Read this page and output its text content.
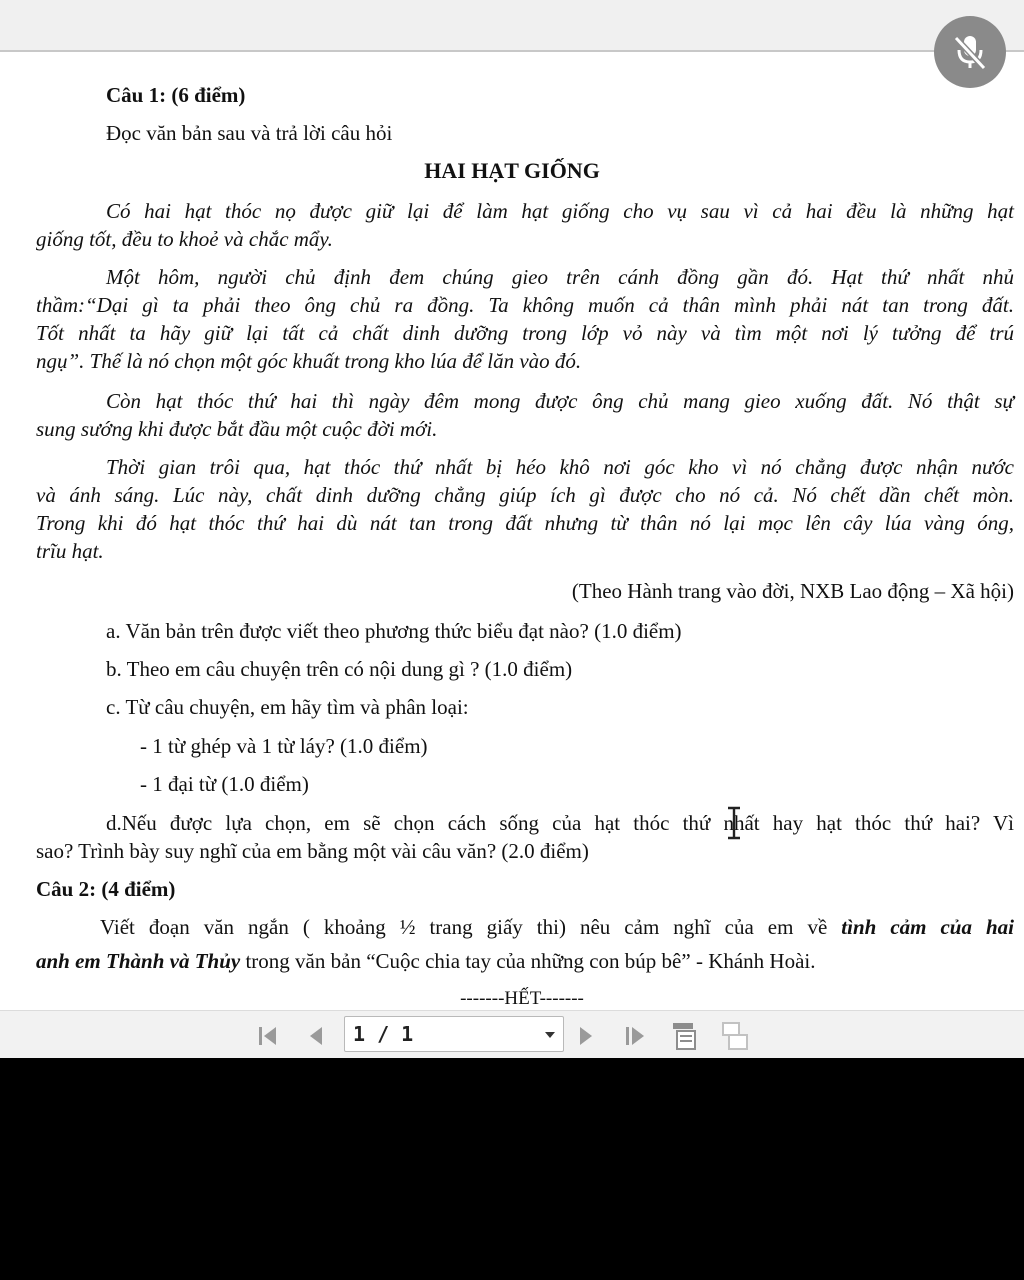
Câu 1: (6 điểm)
Đọc văn bản sau và trả lời câu hỏi
HAI HẠT GIỐNG
Có hai hạt thóc nọ được giữ lại để làm hạt giống cho vụ sau vì cả hai đều là những hạt
giống tốt, đều to khoẻ và chắc mẩy.
Một hôm, người chủ định đem chúng gieo trên cánh đồng gần đó. Hạt thứ nhất nhủ
thầm:“Dại gì ta phải theo ông chủ ra đồng. Ta không muốn cả thân mình phải nát tan trong đất.
Tốt nhất ta hãy giữ lại tất cả chất dinh dưỡng trong lớp vỏ này và tìm một nơi lý tưởng để trú
ngụ”. Thế là nó chọn một góc khuất trong kho lúa để lăn vào đó.
Còn hạt thóc thứ hai thì ngày đêm mong được ông chủ mang gieo xuống đất. Nó thật sự
sung sướng khi được bắt đầu một cuộc đời mới.
Thời gian trôi qua, hạt thóc thứ nhất bị héo khô nơi góc kho vì nó chẳng được nhận nước
và ánh sáng. Lúc này, chất dinh dưỡng chẳng giúp ích gì được cho nó cả. Nó chết dần chết mòn.
Trong khi đó hạt thóc thứ hai dù nát tan trong đất nhưng từ thân nó lại mọc lên cây lúa vàng óng,
trĩu hạt.
(Theo Hành trang vào đời, NXB Lao động – Xã hội)
a. Văn bản trên được viết theo phương thức biểu đạt nào? (1.0 điểm)
b. Theo em câu chuyện trên có nội dung gì ? (1.0 điểm)
c. Từ câu chuyện, em hãy tìm và phân loại:
- 1 từ ghép và 1 từ láy? (1.0 điểm)
- 1 đại từ (1.0 điểm)
d.Nếu được lựa chọn, em sẽ chọn cách sống của hạt thóc thứ nhất hay hạt thóc thứ hai? Vì
sao? Trình bày suy nghĩ của em bằng một vài câu văn? (2.0 điểm)
Câu 2: (4 điểm)
Viết đoạn văn ngắn ( khoảng ½ trang giấy thi) nêu cảm nghĩ của em về tình cảm của hai
anh em Thành và Thủy trong văn bản “Cuộc chia tay của những con búp bê” - Khánh Hoài.
-------HẾT-------
1 / 1
